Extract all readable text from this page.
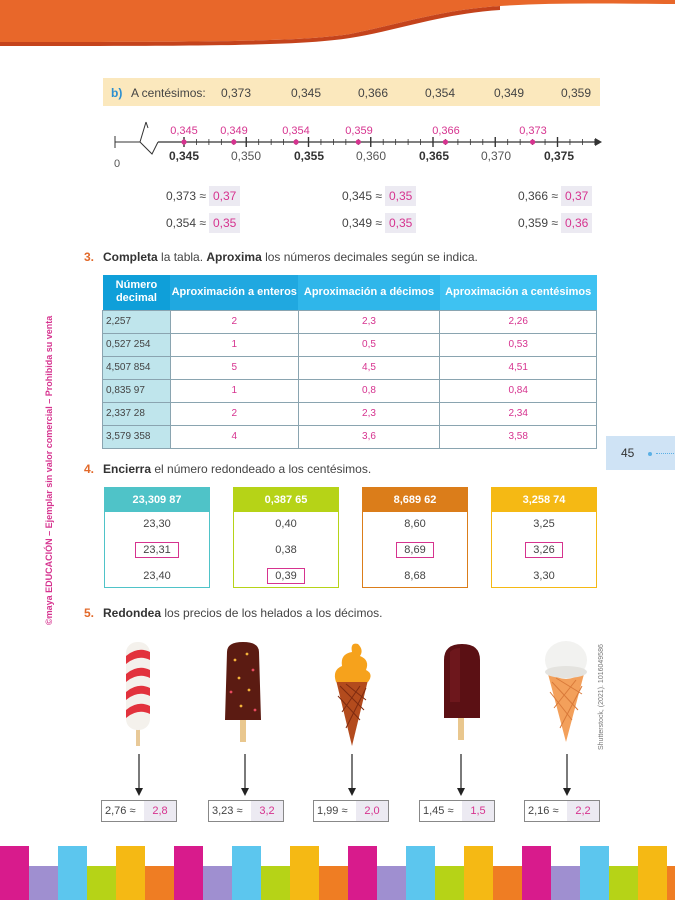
©maya EDUCACIÓN – Ejemplar sin valor comercial – Prohibida su venta	45
b) A centésimos: 0,373	0,345	0,366	0,354	0,349	0,359
0
0,345	0,350	0,355	0,360	0,365	0,370	0,375
0,345 0,349	0,354	0,359	0,366	0,373
0,373 ≈ 0,37	0,345 ≈ 0,35	0,366 ≈ 0,37
0,354 ≈ 0,35	0,349 ≈ 0,35	0,359 ≈ 0,36
3. Completa la tabla. Aproxima los números decimales según se indica.
Número decimal	Aproximación a enteros	Aproximación a décimos	Aproximación a centésimos
2,257	2	2,3	2,26
0,527 254	1	0,5	0,53
4,507 854	5	4,5	4,51
0,835 97	1	0,8	0,84
2,337 28	2	2,3	2,34
3,579 358	4	3,6	3,58
4. Encierra el número redondeado a los centésimos.
23,309 87
23,30
23,31
23,40
0,387 65
0,40
0,38
0,39
8,689 62
8,60
8,69
8,68
3,258 74
3,25
3,26
3,30
5. Redondea los precios de los helados a los décimos.
2,76 ≈	2,8	3,23 ≈	3,2	1,99 ≈	2,0	1,45 ≈	1,5	2,16 ≈	2,2
Shutterstock, (2021). 1016049586
